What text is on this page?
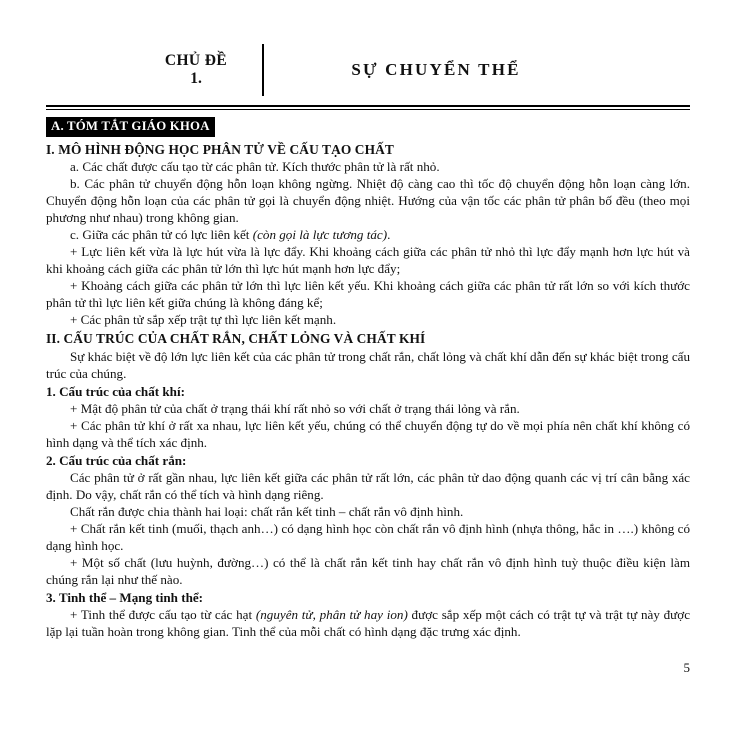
CHỦ ĐỀ
1.	SỰ CHUYỂN THỂ
A. TÓM TẮT GIÁO KHOA
I. MÔ HÌNH ĐỘNG HỌC PHÂN TỬ VỀ CẤU TẠO CHẤT

a. Các chất được cấu tạo từ các phân tử. Kích thước phân tử là rất nhỏ.

b. Các phân tử chuyển động hỗn loạn không ngừng. Nhiệt độ càng cao thì tốc độ chuyển động hỗn loạn càng lớn. Chuyển động hỗn loạn của các phân tử gọi là chuyển động nhiệt. Hướng của vận tốc các phân tử phân bố đều (theo mọi phương như nhau) trong không gian.

c. Giữa các phân tử có lực liên kết (còn gọi là lực tương tác).

+ Lực liên kết vừa là lực hút vừa là lực đẩy. Khi khoảng cách giữa các phân tử nhỏ thì lực đẩy mạnh hơn lực hút và khi khoảng cách giữa các phân tử lớn thì lực hút mạnh hơn lực đẩy;

+ Khoảng cách giữa các phân tử lớn thì lực liên kết yếu. Khi khoảng cách giữa các phân tử rất lớn so với kích thước phân tử thì lực liên kết giữa chúng là không đáng kể;

+ Các phân tử sắp xếp trật tự thì lực liên kết mạnh.

II. CẤU TRÚC CỦA CHẤT RẮN, CHẤT LỎNG VÀ CHẤT KHÍ

Sự khác biệt về độ lớn lực liên kết của các phân tử trong chất rắn, chất lỏng và chất khí dẫn đến sự khác biệt trong cấu trúc của chúng.

1. Cấu trúc của chất khí:

+ Mật độ phân tử của chất ở trạng thái khí rất nhỏ so với chất ở trạng thái lỏng và rắn.

+ Các phân tử khí ở rất xa nhau, lực liên kết yếu, chúng có thể chuyển động tự do về mọi phía nên chất khí không có hình dạng và thể tích xác định.

2. Cấu trúc của chất rắn:

Các phân tử ở rất gần nhau, lực liên kết giữa các phân tử rất lớn, các phân tử dao động quanh các vị trí cân bằng xác định. Do vậy, chất rắn có thể tích và hình dạng riêng.

Chất rắn được chia thành hai loại: chất rắn kết tinh – chất rắn vô định hình.

+ Chất rắn kết tinh (muối, thạch anh…) có dạng hình học còn chất rắn vô định hình (nhựa thông, hắc in ….) không có dạng hình học.

+ Một số chất (lưu huỳnh, đường…) có thể là chất rắn kết tinh hay chất rắn vô định hình tuỳ thuộc điều kiện làm chúng rắn lại như thế nào.

3. Tinh thể – Mạng tinh thể:

+ Tinh thể được cấu tạo từ các hạt (nguyên tử, phân tử hay ion) được sắp xếp một cách có trật tự và trật tự này được lặp lại tuần hoàn trong không gian. Tinh thể của mỗi chất có hình dạng đặc trưng xác định.

5
